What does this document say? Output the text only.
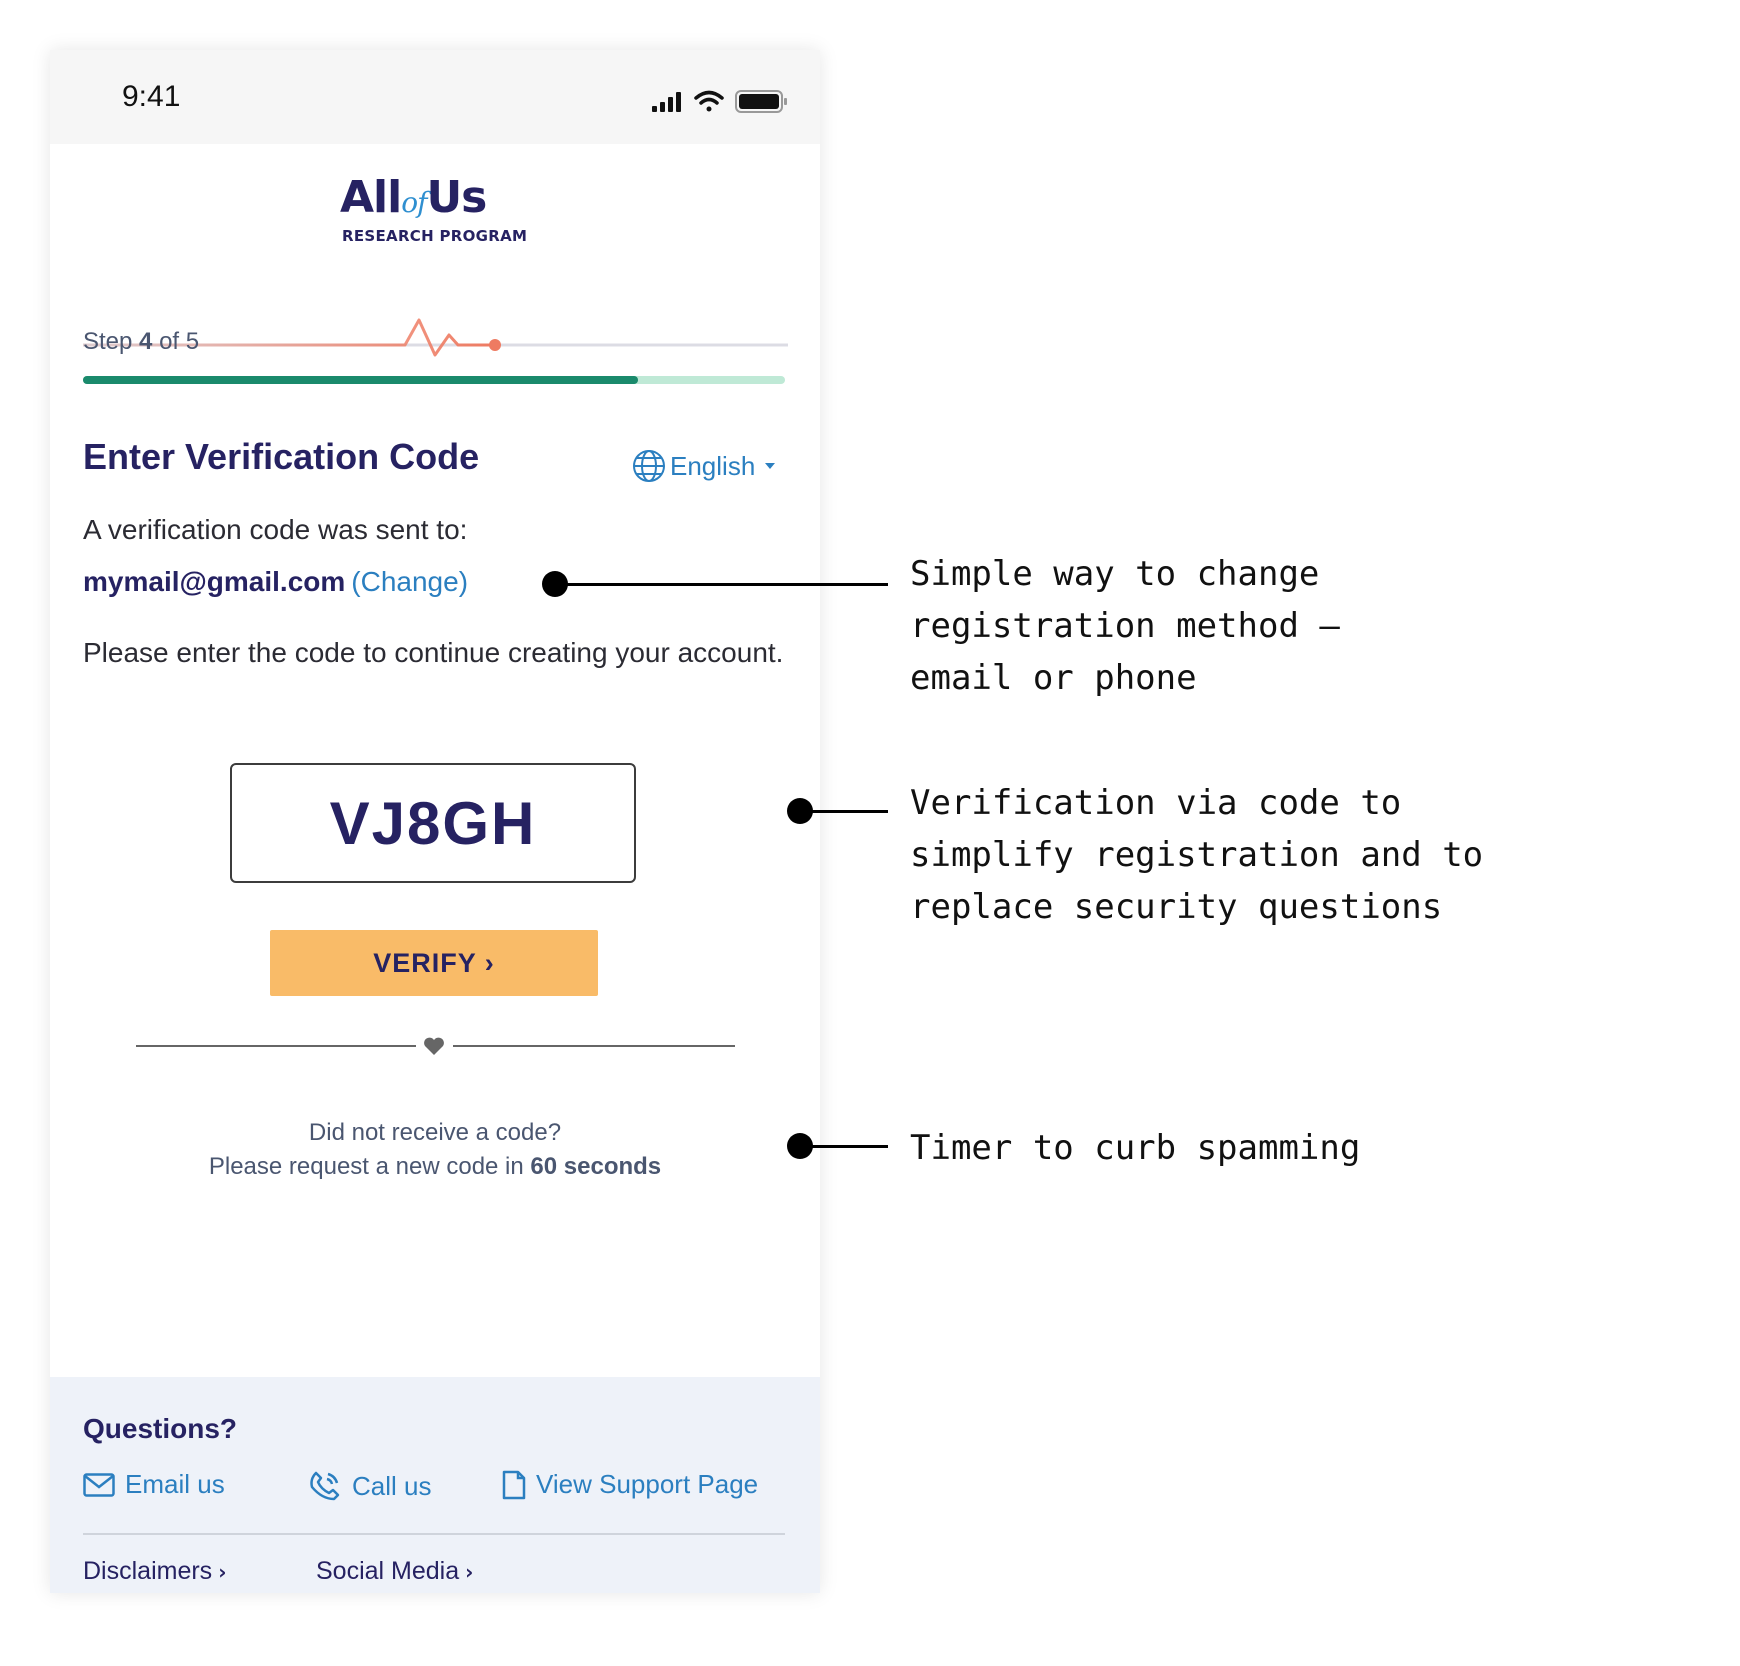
9:41
AllofUs
RESEARCH PROGRAM
Step 4 of 5
Enter Verification Code	English
A verification code was sent to:
mymail@gmail.com (Change)
Please enter the code to continue creating your account.
VJ8GH
VERIFY ›
Did not receive a code?
Please request a new code in 60 seconds
Questions?
Email us	Call us	View Support Page
Disclaimers ›	Social Media ›
Simple way to change
registration method –
email or phone
Verification via code to
simplify registration and to
replace security questions
Timer to curb spamming
